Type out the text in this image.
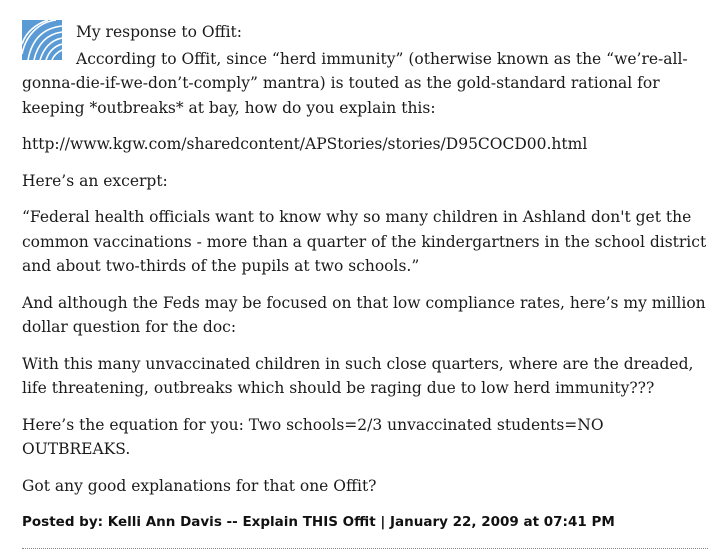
My response to Offit:

According to Offit, since “herd immunity” (otherwise known as the “we’re-all-gonna-die-if-we-don’t-comply” mantra) is touted as the gold-standard rational for keeping *outbreaks* at bay, how do you explain this:

http://www.kgw.com/sharedcontent/APStories/stories/D95COCD00.html

Here’s an excerpt:

“Federal health officials want to know why so many children in Ashland don't get the common vaccinations - more than a quarter of the kindergartners in the school district and about two-thirds of the pupils at two schools.”

And although the Feds may be focused on that low compliance rates, here’s my million dollar question for the doc:

With this many unvaccinated children in such close quarters, where are the dreaded, life threatening, outbreaks which should be raging due to low herd immunity???

Here’s the equation for you: Two schools=2/3 unvaccinated students=NO OUTBREAKS.

Got any good explanations for that one Offit?

Posted by: Kelli Ann Davis -- Explain THIS Offit | January 22, 2009 at 07:41 PM
